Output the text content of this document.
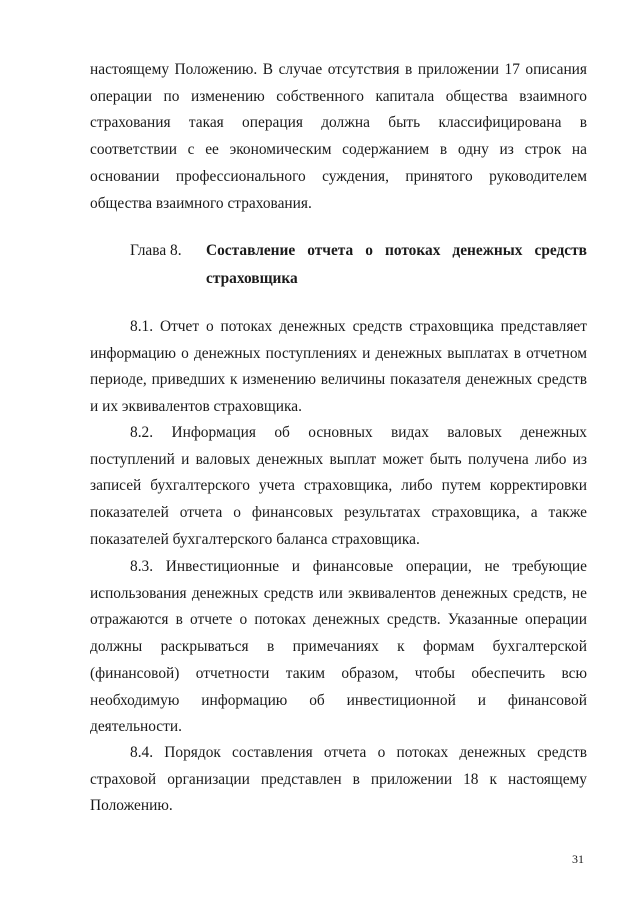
настоящему Положению. В случае отсутствия в приложении 17 описания операции по изменению собственного капитала общества взаимного страхования такая операция должна быть классифицирована в соответствии с ее экономическим содержанием в одну из строк на основании профессионального суждения, принятого руководителем общества взаимного страхования.
Глава 8. Составление отчета о потоках денежных средств страховщика
8.1. Отчет о потоках денежных средств страховщика представляет информацию о денежных поступлениях и денежных выплатах в отчетном периоде, приведших к изменению величины показателя денежных средств и их эквивалентов страховщика.
8.2. Информация об основных видах валовых денежных поступлений и валовых денежных выплат может быть получена либо из записей бухгалтерского учета страховщика, либо путем корректировки показателей отчета о финансовых результатах страховщика, а также показателей бухгалтерского баланса страховщика.
8.3. Инвестиционные и финансовые операции, не требующие использования денежных средств или эквивалентов денежных средств, не отражаются в отчете о потоках денежных средств. Указанные операции должны раскрываться в примечаниях к формам бухгалтерской (финансовой) отчетности таким образом, чтобы обеспечить всю необходимую информацию об инвестиционной и финансовой деятельности.
8.4. Порядок составления отчета о потоках денежных средств страховой организации представлен в приложении 18 к настоящему Положению.
31
